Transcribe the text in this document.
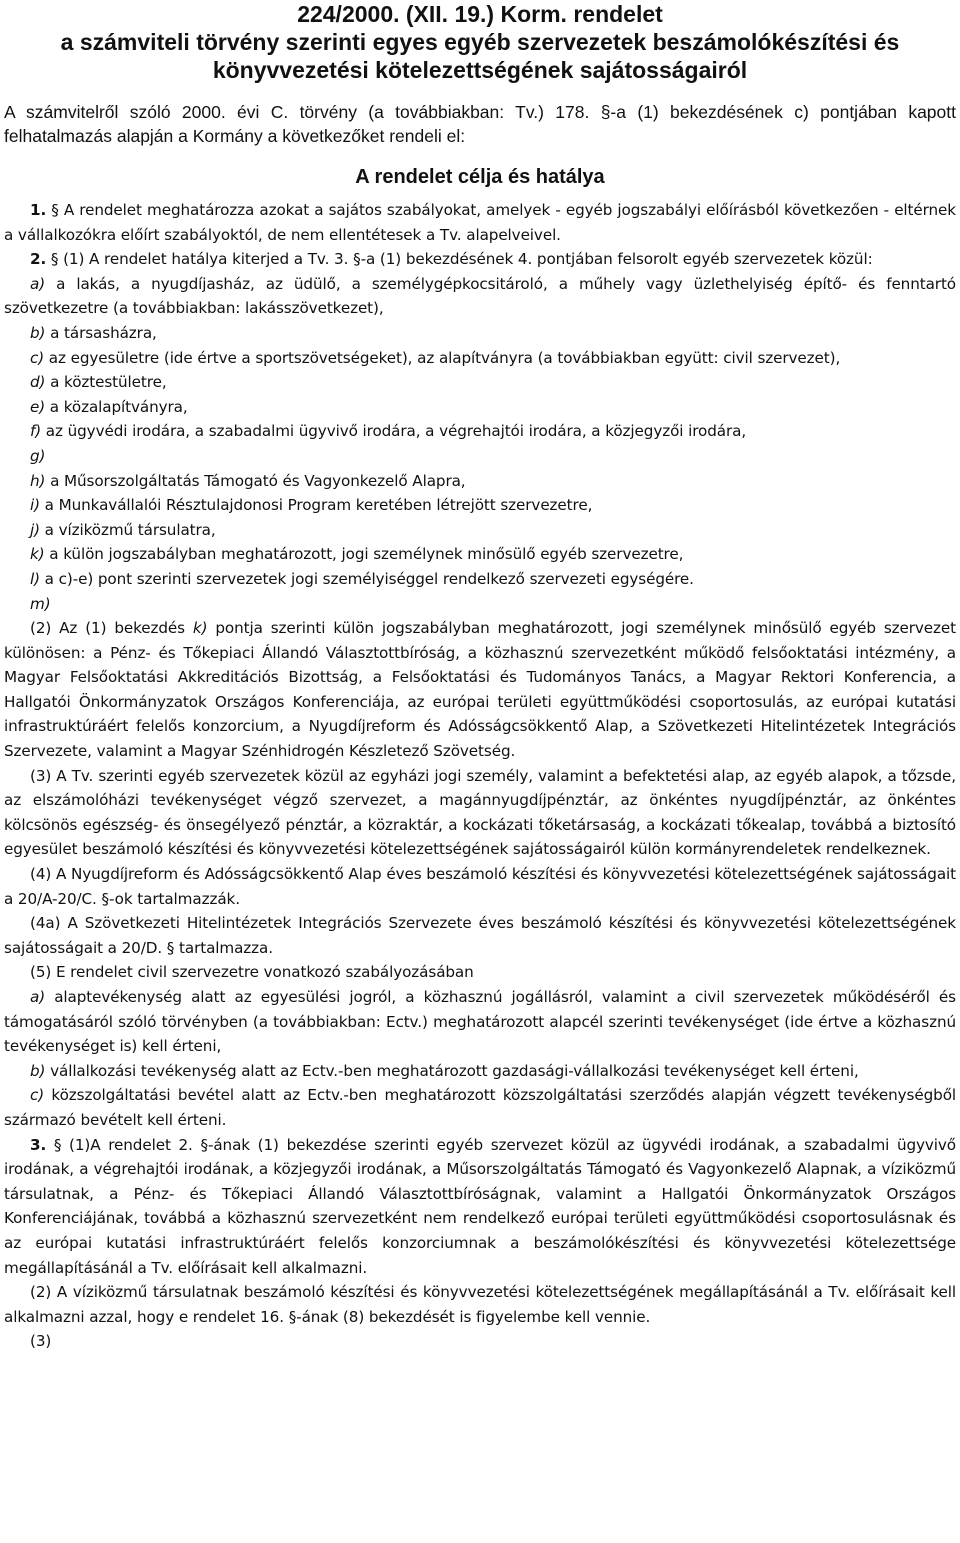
224/2000. (XII. 19.) Korm. rendelet

a számviteli törvény szerinti egyes egyéb szervezetek beszámolókészítési és

könyvvezetési kötelezettségének sajátosságairól

A számvitelről szóló 2000. évi C. törvény (a továbbiakban: Tv.) 178. §-a (1) bekezdésének c) pontjában kapott felhatalmazás alapján a Kormány a következőket rendeli el:

A rendelet célja és hatálya

1. § A rendelet meghatározza azokat a sajátos szabályokat, amelyek - egyéb jogszabályi előírásból következően - eltérnek a vállalkozókra előírt szabályoktól, de nem ellentétesek a Tv. alapelveivel.

2. § (1) A rendelet hatálya kiterjed a Tv. 3. §-a (1) bekezdésének 4. pontjában felsorolt egyéb szervezetek közül:

a) a lakás, a nyugdíjasház, az üdülő, a személygépkocsitároló, a műhely vagy üzlethelyiség építő- és fenntartó szövetkezetre (a továbbiakban: lakásszövetkezet),

b) a társasházra,

c) az egyesületre (ide értve a sportszövetségeket), az alapítványra (a továbbiakban együtt: civil szervezet),

d) a köztestületre,

e) a közalapítványra,

f) az ügyvédi irodára, a szabadalmi ügyvivő irodára, a végrehajtói irodára, a közjegyzői irodára,

g)

h) a Műsorszolgáltatás Támogató és Vagyonkezelő Alapra,

i) a Munkavállalói Résztulajdonosi Program keretében létrejött szervezetre,

j) a víziközmű társulatra,

k) a külön jogszabályban meghatározott, jogi személynek minősülő egyéb szervezetre,

l) a c)-e) pont szerinti szervezetek jogi személyiséggel rendelkező szervezeti egységére.

m)

(2) Az (1) bekezdés k) pontja szerinti külön jogszabályban meghatározott, jogi személynek minősülő egyéb szervezet különösen: a Pénz- és Tőkepiaci Állandó Választottbíróság, a közhasznú szervezetként működő felsőoktatási intézmény, a Magyar Felsőoktatási Akkreditációs Bizottság, a Felsőoktatási és Tudományos Tanács, a Magyar Rektori Konferencia, a Hallgatói Önkormányzatok Országos Konferenciája, az európai területi együttműködési csoportosulás, az európai kutatási infrastruktúráért felelős konzorcium, a Nyugdíjreform és Adósságcsökkentő Alap, a Szövetkezeti Hitelintézetek Integrációs Szervezete, valamint a Magyar Szénhidrogén Készletező Szövetség.

(3) A Tv. szerinti egyéb szervezetek közül az egyházi jogi személy, valamint a befektetési alap, az egyéb alapok, a tőzsde, az elszámolóházi tevékenységet végző szervezet, a magánnyugdíjpénztár, az önkéntes nyugdíjpénztár, az önkéntes kölcsönös egészség- és önsegélyező pénztár, a közraktár, a kockázati tőketársaság, a kockázati tőkealap, továbbá a biztosító egyesület beszámoló készítési és könyvvezetési kötelezettségének sajátosságairól külön kormányrendeletek rendelkeznek.

(4) A Nyugdíjreform és Adósságcsökkentő Alap éves beszámoló készítési és könyvvezetési kötelezettségének sajátosságait a 20/A-20/C. §-ok tartalmazzák.

(4a) A Szövetkezeti Hitelintézetek Integrációs Szervezete éves beszámoló készítési és könyvvezetési kötelezettségének sajátosságait a 20/D. § tartalmazza.

(5) E rendelet civil szervezetre vonatkozó szabályozásában

a) alaptevékenység alatt az egyesülési jogról, a közhasznú jogállásról, valamint a civil szervezetek működéséről és támogatásáról szóló törvényben (a továbbiakban: Ectv.) meghatározott alapcél szerinti tevékenységet (ide értve a közhasznú tevékenységet is) kell érteni,

b) vállalkozási tevékenység alatt az Ectv.-ben meghatározott gazdasági-vállalkozási tevékenységet kell érteni,

c) közszolgáltatási bevétel alatt az Ectv.-ben meghatározott közszolgáltatási szerződés alapján végzett tevékenységből származó bevételt kell érteni.

3. § (1)A rendelet 2. §-ának (1) bekezdése szerinti egyéb szervezet közül az ügyvédi irodának, a szabadalmi ügyvivő irodának, a végrehajtói irodának, a közjegyzői irodának, a Műsorszolgáltatás Támogató és Vagyonkezelő Alapnak, a víziközmű társulatnak, a Pénz- és Tőkepiaci Állandó Választottbíróságnak, valamint a Hallgatói Önkormányzatok Országos Konferenciájának, továbbá a közhasznú szervezetként nem rendelkező európai területi együttműködési csoportosulásnak és az európai kutatási infrastruktúráért felelős konzorciumnak a beszámolókészítési és könyvvezetési kötelezettsége megállapításánál a Tv. előírásait kell alkalmazni.

(2) A víziközmű társulatnak beszámoló készítési és könyvvezetési kötelezettségének megállapításánál a Tv. előírásait kell alkalmazni azzal, hogy e rendelet 16. §-ának (8) bekezdését is figyelembe kell vennie.

(3)
